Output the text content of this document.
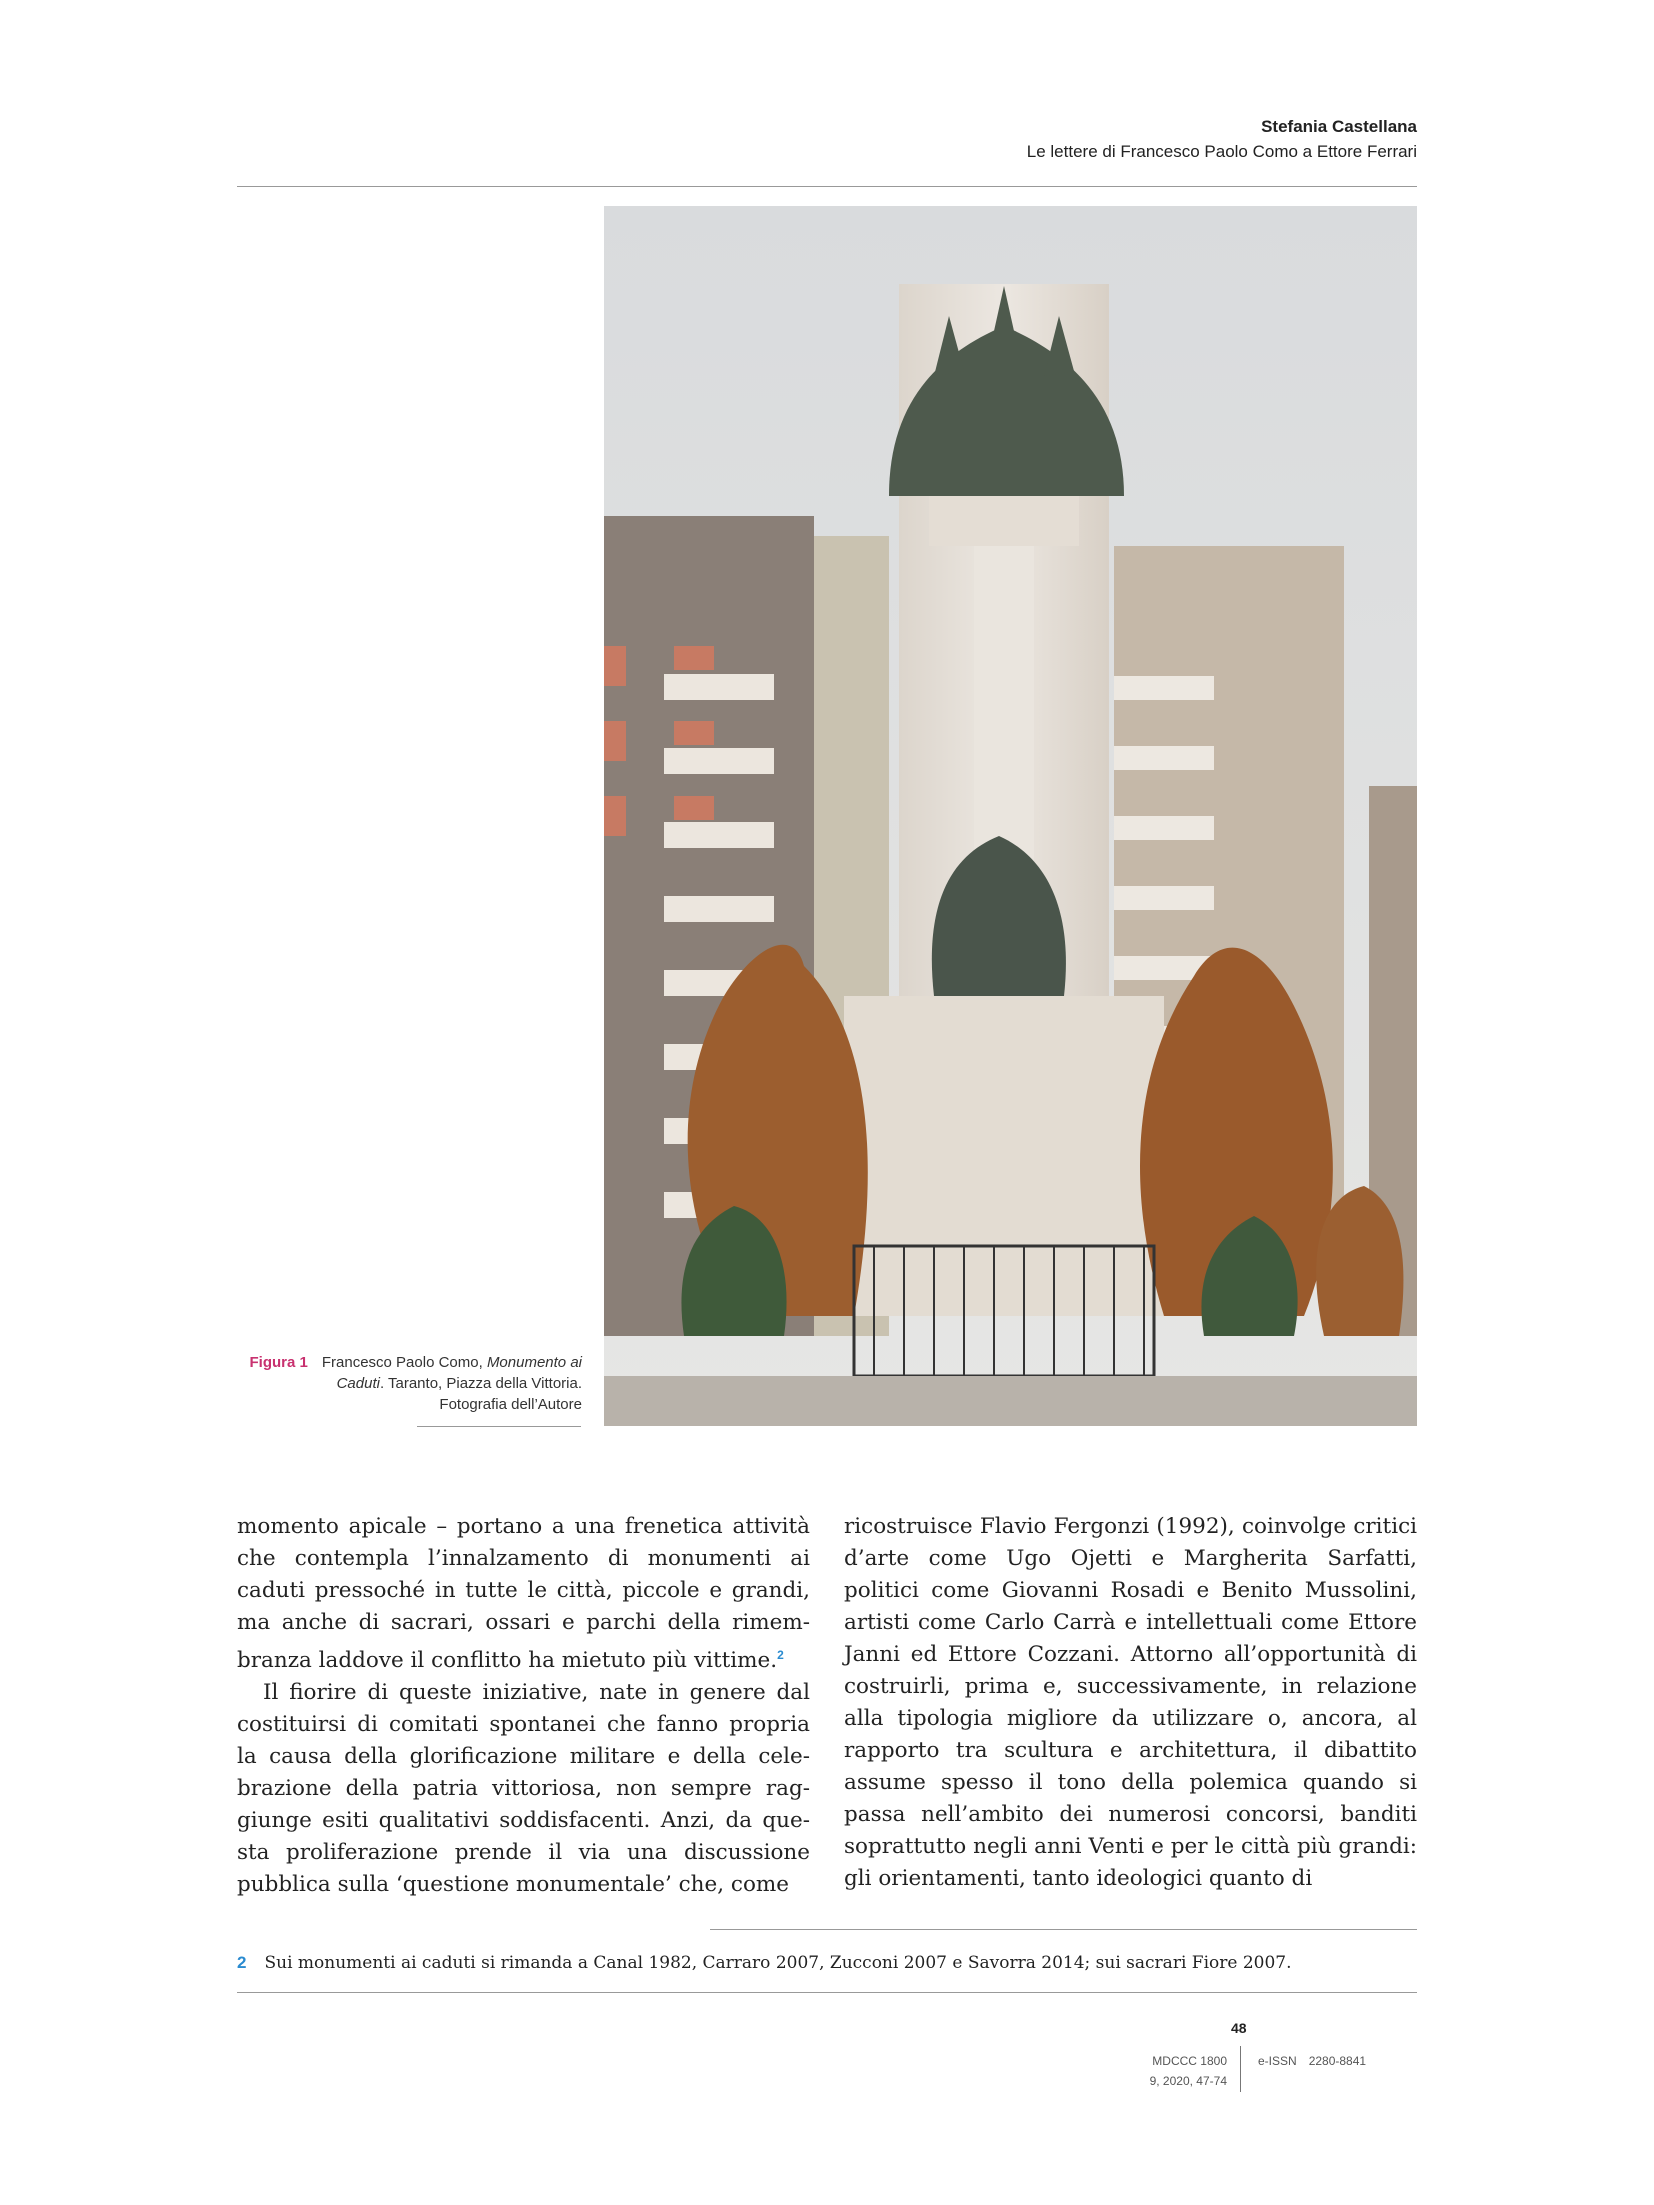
Stefania Castellana
Le lettere di Francesco Paolo Como a Ettore Ferrari
Figura 1 Francesco Paolo Como, Monumento ai Caduti. Taranto, Piazza della Vittoria.
Fotografia dell’Autore

momento apicale – portano a una frenetica attività che contempla l’innalzamento di monumenti ai caduti pressoché in tutte le città, piccole e grandi, ma anche di sacrari, ossari e parchi della rimembranza laddove il conflitto ha mietuto più vittime.$^2$

Il fiorire di queste iniziative, nate in genere dal costituirsi di comitati spontanei che fanno propria la causa della glorificazione militare e della celebrazione della patria vittoriosa, non sempre raggiunge esiti qualitativi soddisfacenti. Anzi, da questa proliferazione prende il via una discussione pubblica sulla ‘questione monumentale’ che, come

ricostruisce Flavio Fergonzi (1992), coinvolge critici d’arte come Ugo Ojetti e Margherita Sarfatti, politici come Giovanni Rosadi e Benito Mussolini, artisti come Carlo Carrà e intellettuali come Ettore Janni ed Ettore Cozzani. Attorno all’opportunità di costruirli, prima e, successivamente, in relazione alla tipologia migliore da utilizzare o, ancora, al rapporto tra scultura e architettura, il dibattito assume spesso il tono della polemica quando si passa nell’ambito dei numerosi concorsi, banditi soprattutto negli anni Venti e per le città più grandi: gli orientamenti, tanto ideologici quanto di

2 Sui monumenti ai caduti si rimanda a Canal 1982, Carraro 2007, Zucconi 2007 e Savorra 2014; sui sacrari Fiore 2007.
48
MDCCC 1800
9, 2020, 47-74
e-ISSN 2280-8841
